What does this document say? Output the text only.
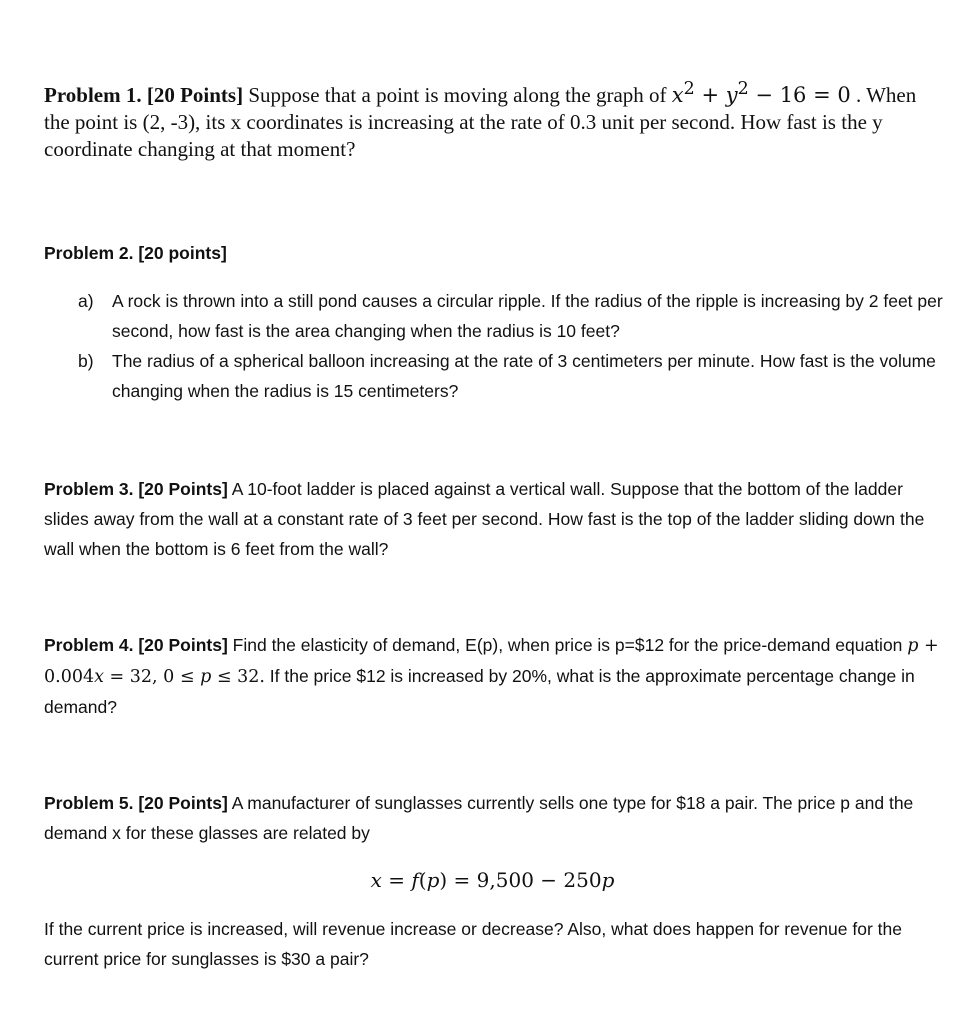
Problem 1. [20 Points] Suppose that a point is moving along the graph of $x^2 + y^2 - 16 = 0$ . When the point is (2, -3), its x coordinates is increasing at the rate of 0.3 unit per second. How fast is the y coordinate changing at that moment?
Problem 2. [20 points]
a) A rock is thrown into a still pond causes a circular ripple. If the radius of the ripple is increasing by 2 feet per second, how fast is the area changing when the radius is 10 feet?
b) The radius of a spherical balloon increasing at the rate of 3 centimeters per minute. How fast is the volume changing when the radius is 15 centimeters?
Problem 3. [20 Points] A 10-foot ladder is placed against a vertical wall. Suppose that the bottom of the ladder slides away from the wall at a constant rate of 3 feet per second. How fast is the top of the ladder sliding down the wall when the bottom is 6 feet from the wall?
Problem 4. [20 Points] Find the elasticity of demand, E(p), when price is p=$12 for the price-demand equation p + 0.004x = 32, 0 ≤ p ≤ 32. If the price $12 is increased by 20%, what is the approximate percentage change in demand?
Problem 5. [20 Points] A manufacturer of sunglasses currently sells one type for $18 a pair. The price p and the demand x for these glasses are related by
x = f(p) = 9,500 − 250p
If the current price is increased, will revenue increase or decrease? Also, what does happen for revenue for the current price for sunglasses is $30 a pair?
